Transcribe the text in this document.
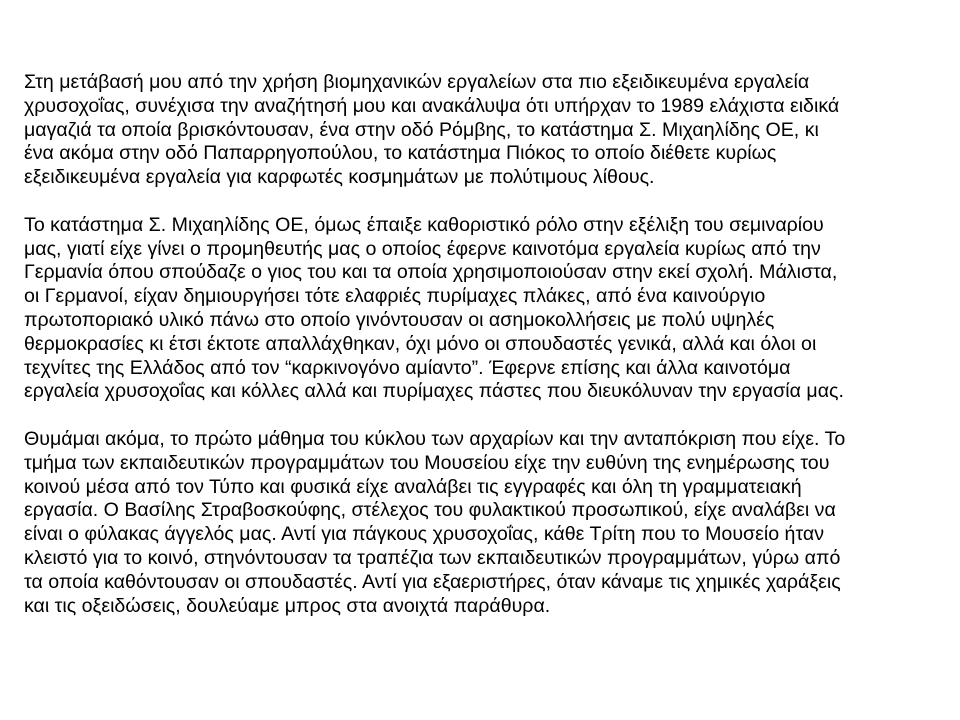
Στη μετάβασή μου από την χρήση βιομηχανικών εργαλείων στα πιο εξειδικευμένα εργαλεία
χρυσοχοΐας, συνέχισα την αναζήτησή μου και ανακάλυψα ότι υπήρχαν το 1989 ελάχιστα ειδικά
μαγαζιά τα οποία βρισκόντουσαν, ένα στην οδό Ρόμβης, το κατάστημα Σ. Μιχαηλίδης ΟΕ, κι
ένα ακόμα στην οδό Παπαρρηγοπούλου, το κατάστημα Πιόκος το οποίο διέθετε κυρίως
εξειδικευμένα εργαλεία για καρφωτές κοσμημάτων με πολύτιμους λίθους.
Το κατάστημα Σ. Μιχαηλίδης ΟΕ, όμως έπαιξε καθοριστικό ρόλο στην εξέλιξη του σεμιναρίου
μας, γιατί είχε γίνει ο προμηθευτής μας ο οποίος έφερνε καινοτόμα εργαλεία κυρίως από την
Γερμανία όπου σπούδαζε ο γιος του και τα οποία χρησιμοποιούσαν στην εκεί σχολή. Μάλιστα,
οι Γερμανοί, είχαν δημιουργήσει τότε ελαφριές πυρίμαχες πλάκες, από ένα καινούργιο
πρωτοποριακό υλικό πάνω στο οποίο γινόντουσαν οι ασημοκολλήσεις με πολύ υψηλές
θερμοκρασίες κι έτσι έκτοτε απαλλάχθηκαν, όχι μόνο οι σπουδαστές γενικά, αλλά και όλοι οι
τεχνίτες της Ελλάδος από τον “καρκινογόνο αμίαντο”. Έφερνε επίσης και άλλα καινοτόμα
εργαλεία χρυσοχοΐας και κόλλες αλλά και πυρίμαχες πάστες που διευκόλυναν την εργασία μας.
Θυμάμαι ακόμα, το πρώτο μάθημα του κύκλου των αρχαρίων και την ανταπόκριση που είχε. Το
τμήμα των εκπαιδευτικών προγραμμάτων του Μουσείου είχε την ευθύνη της ενημέρωσης του
κοινού μέσα από τον Τύπο και φυσικά είχε αναλάβει τις εγγραφές και όλη τη γραμματειακή
εργασία. Ο Βασίλης Στραβοσκούφης, στέλεχος του φυλακτικού προσωπικού, είχε αναλάβει να
είναι ο φύλακας άγγελός μας. Αντί για πάγκους χρυσοχοΐας, κάθε Τρίτη που το Μουσείο ήταν
κλειστό για το κοινό, στηνόντουσαν τα τραπέζια των εκπαιδευτικών προγραμμάτων, γύρω από
τα οποία καθόντουσαν οι σπουδαστές. Αντί για εξαεριστήρες, όταν κάναμε τις χημικές χαράξεις
και τις οξειδώσεις, δουλεύαμε μπρος στα ανοιχτά παράθυρα.
